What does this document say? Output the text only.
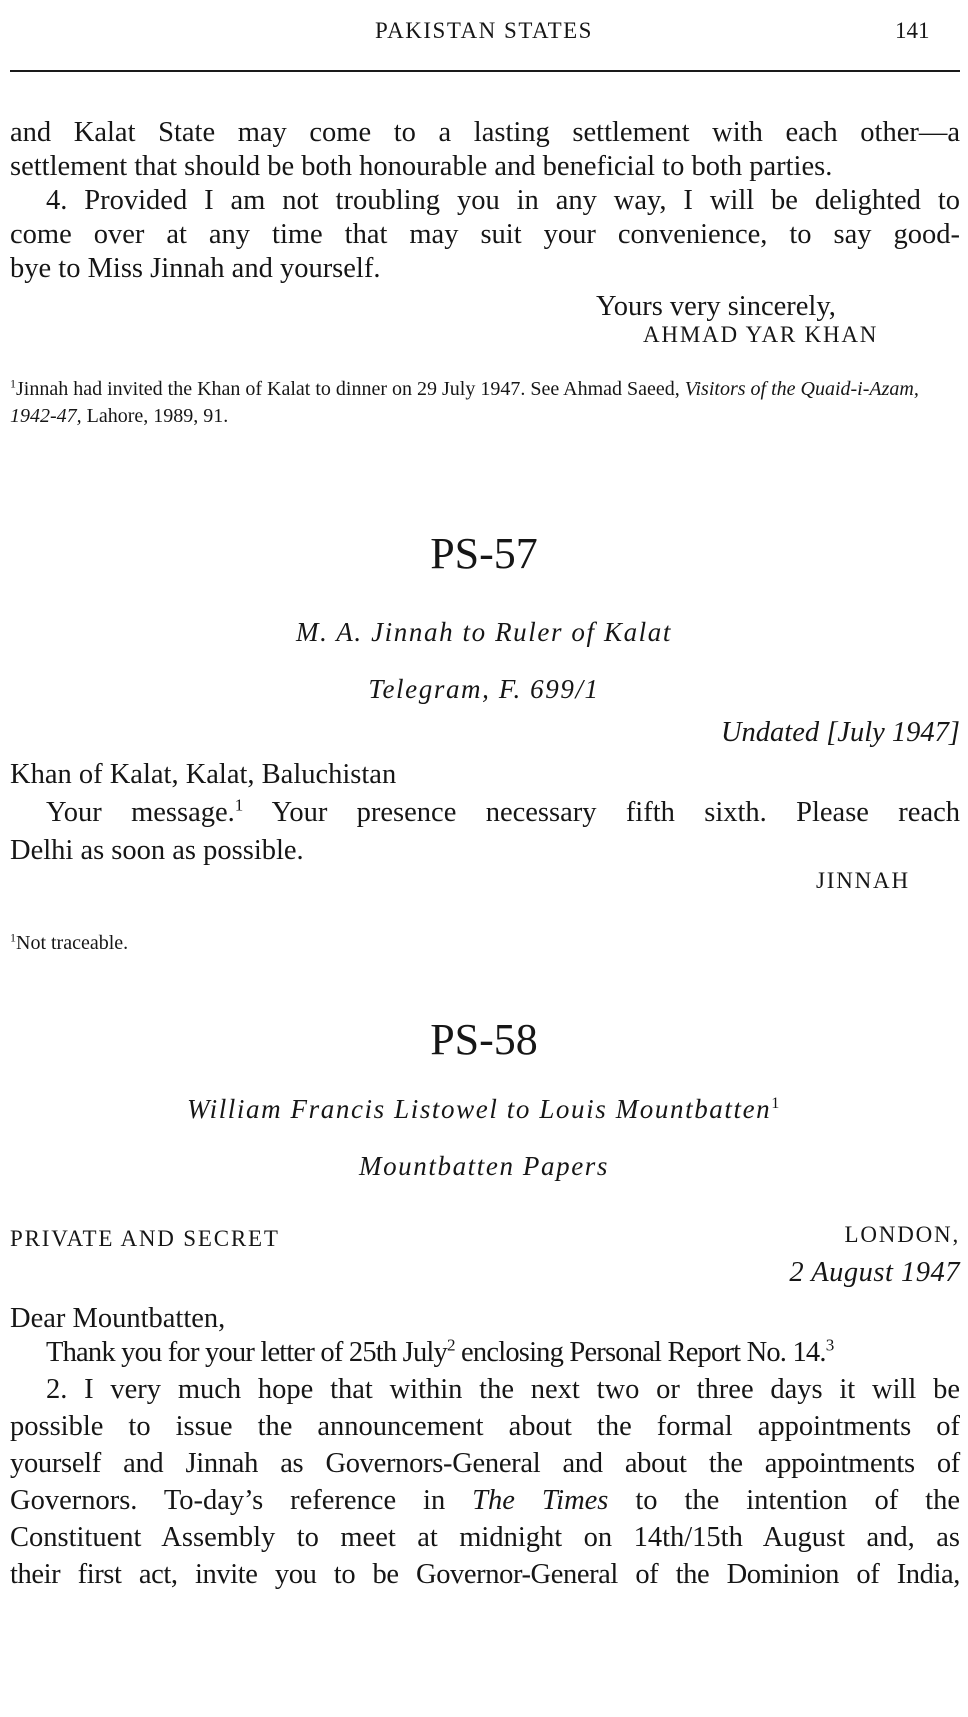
PAKISTAN STATES	141
and Kalat State may come to a lasting settlement with each other—a
settlement that should be both honourable and beneficial to both parties.
4. Provided I am not troubling you in any way, I will be delighted to
come over at any time that may suit your convenience, to say good-
bye to Miss Jinnah and yourself.
Yours very sincerely,
AHMAD YAR KHAN
$^1$Jinnah had invited the Khan of Kalat to dinner on 29 July 1947. See Ahmad Saeed, Visitors of the Quaid-i-Azam, 1942-47, Lahore, 1989, 91.
PS-57
M. A. Jinnah to Ruler of Kalat
Telegram, F. 699/1
Undated [July 1947]
Khan of Kalat, Kalat, Baluchistan
Your message.$^1$ Your presence necessary fifth sixth. Please reach
Delhi as soon as possible.
JINNAH
$^1$Not traceable.
PS-58
William Francis Listowel to Louis Mountbatten$^1$
Mountbatten Papers
PRIVATE AND SECRET	LONDON,
2 August 1947
Dear Mountbatten,
Thank you for your letter of 25th July$^2$ enclosing Personal Report No. 14.$^3$
2. I very much hope that within the next two or three days it will be
possible to issue the announcement about the formal appointments of
yourself and Jinnah as Governors-General and about the appointments of
Governors. To-day’s reference in The Times to the intention of the
Constituent Assembly to meet at midnight on 14th/15th August and, as
their first act, invite you to be Governor-General of the Dominion of India,
